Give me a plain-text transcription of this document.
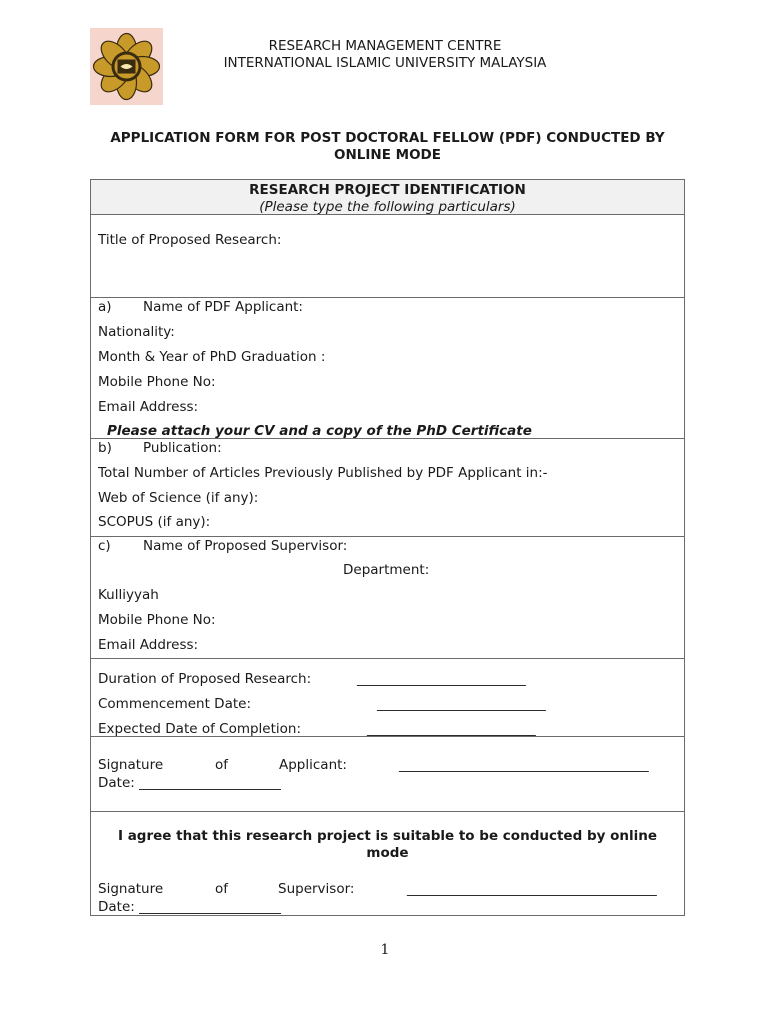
RESEARCH MANAGEMENT CENTRE
INTERNATIONAL ISLAMIC UNIVERSITY MALAYSIA
APPLICATION FORM FOR POST DOCTORAL FELLOW (PDF) CONDUCTED BY
ONLINE MODE
RESEARCH PROJECT IDENTIFICATION
(Please type the following particulars)
Title of Proposed Research:
a) Name of PDF Applicant:
Nationality:
Month & Year of PhD Graduation :
Mobile Phone No:
Email Address:
Please attach your CV and a copy of the PhD Certificate
b) Publication:
Total Number of Articles Previously Published by PDF Applicant in:-
Web of Science (if any):
SCOPUS (if any):
c) Name of Proposed Supervisor:
Department:
Kulliyyah
Mobile Phone No:
Email Address:
Duration of Proposed Research:	_________________________
Commencement Date:	_________________________
Expected Date of Completion:	_________________________
Signature	of	Applicant:	_____________________________________
Date: _____________________
I agree that this research project is suitable to be conducted by online
mode
Signature	of	Supervisor:	_____________________________________
Date: _____________________
1
